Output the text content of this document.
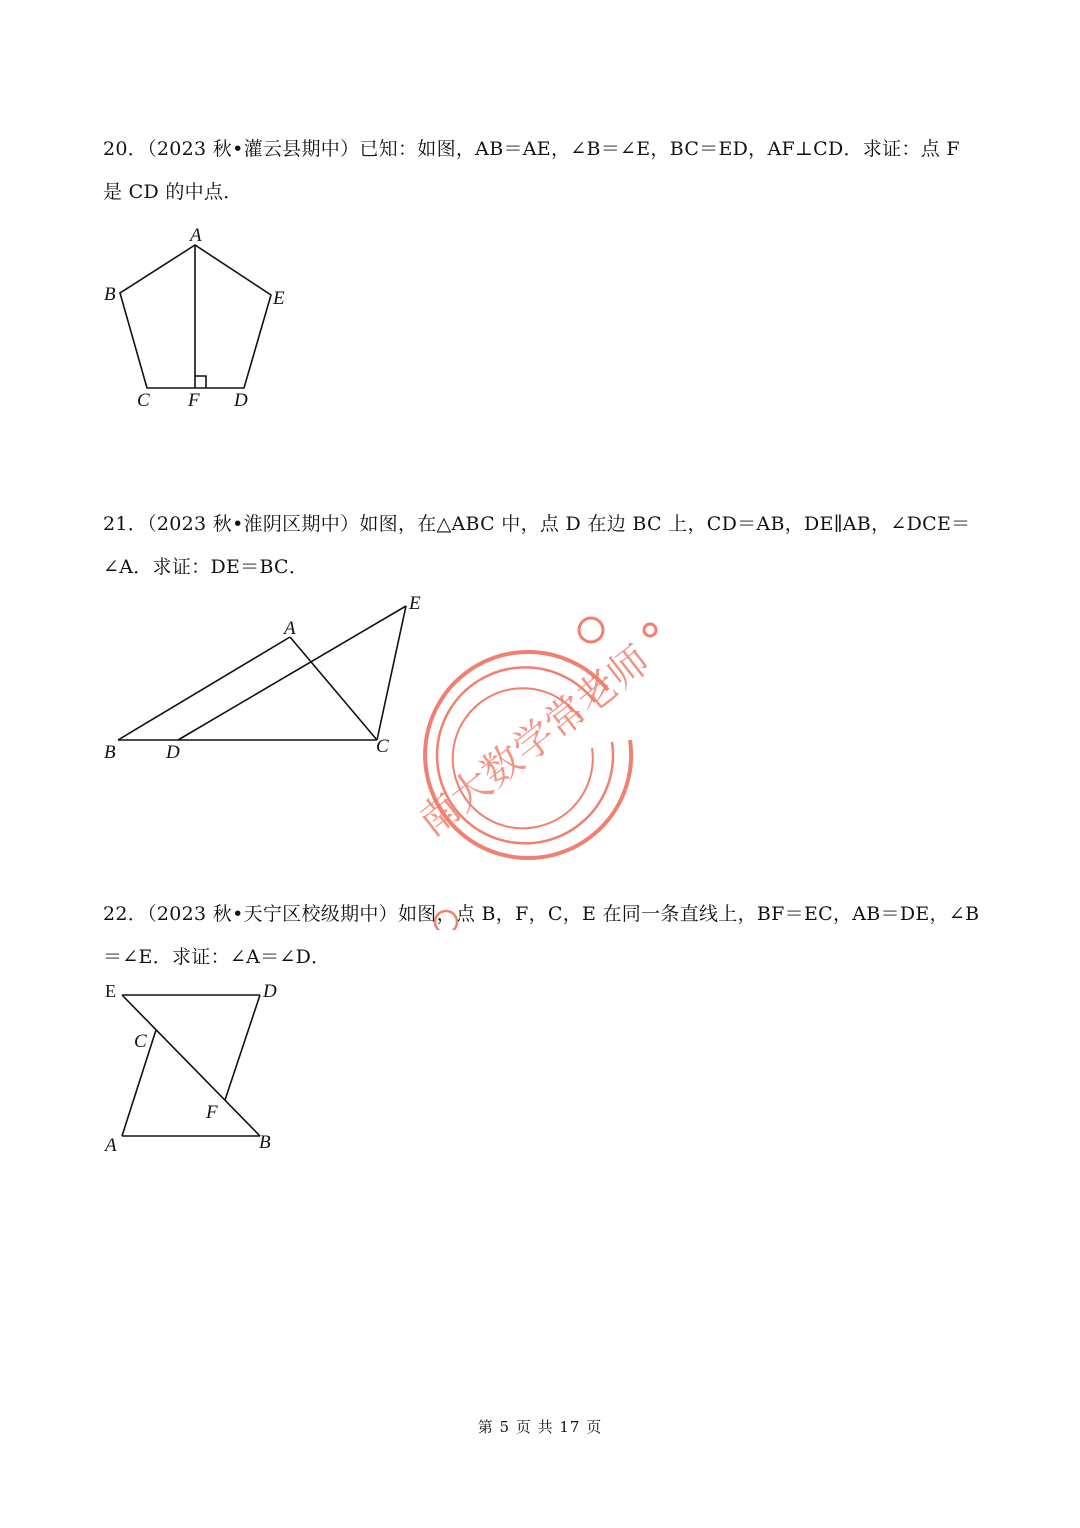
20．（2023 秋•灌云县期中）已知：如图，AB＝AE，∠B＝∠E，BC＝ED，AF⊥CD．求证：点 F 是 CD 的中点．
A
B
C F D
E
21．（2023 秋•淮阴区期中）如图，在△ABC 中，点 D 在边 BC 上，CD＝AB，DE∥AB，∠DCE＝∠A．求证：DE＝BC．
A
B	D	C
E
22．（2023 秋•天宁区校级期中）如图，点 B，F，C，E 在同一条直线上，BF＝EC，AB＝DE，∠B＝∠E．求证：∠A＝∠D．
E	D
C
F
A	B
南大数学常老师
第 5 页 共 17 页
